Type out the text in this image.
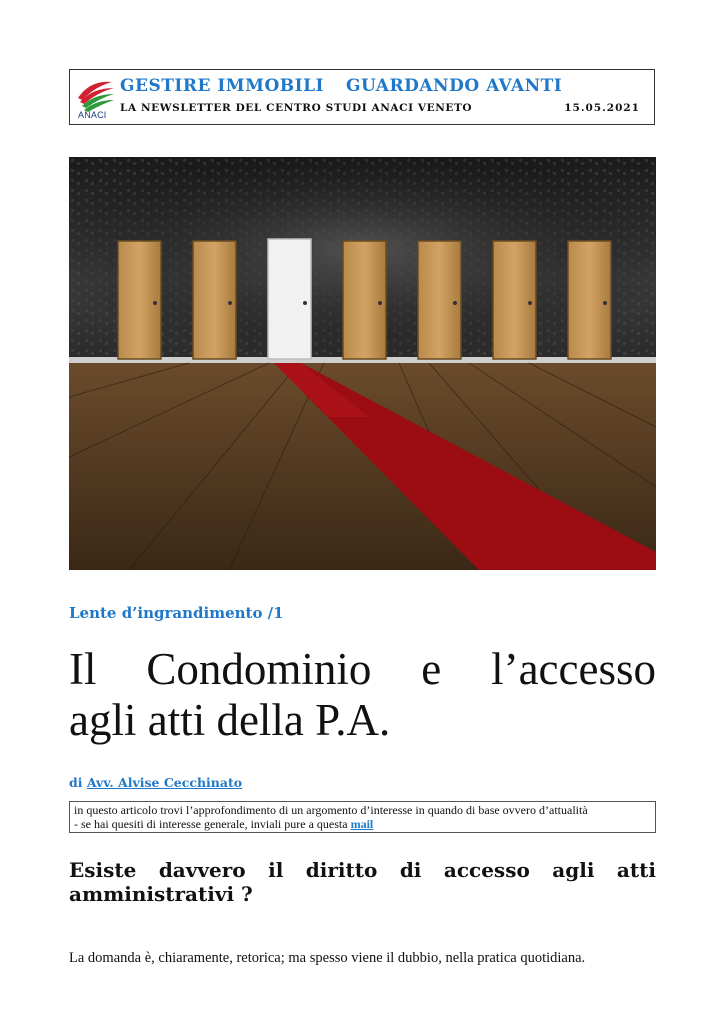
ANACI
GESTIRE IMMOBILI GUARDANDO AVANTI
LA NEWSLETTER DEL CENTRO STUDI ANACI VENETO	15.05.2021
Lente d’ingrandimento /1
Il Condominio e l’accesso
agli atti della P.A.
di Avv. Alvise Cecchinato
in questo articolo trovi l’approfondimento di un argomento d’interesse in quando di base ovvero d’attualità
- se hai quesiti di interesse generale, inviali pure a questa mail
Esiste davvero il diritto di accesso agli atti
amministrativi ?

La domanda è, chiaramente, retorica; ma spesso viene il dubbio, nella pratica quotidiana.
